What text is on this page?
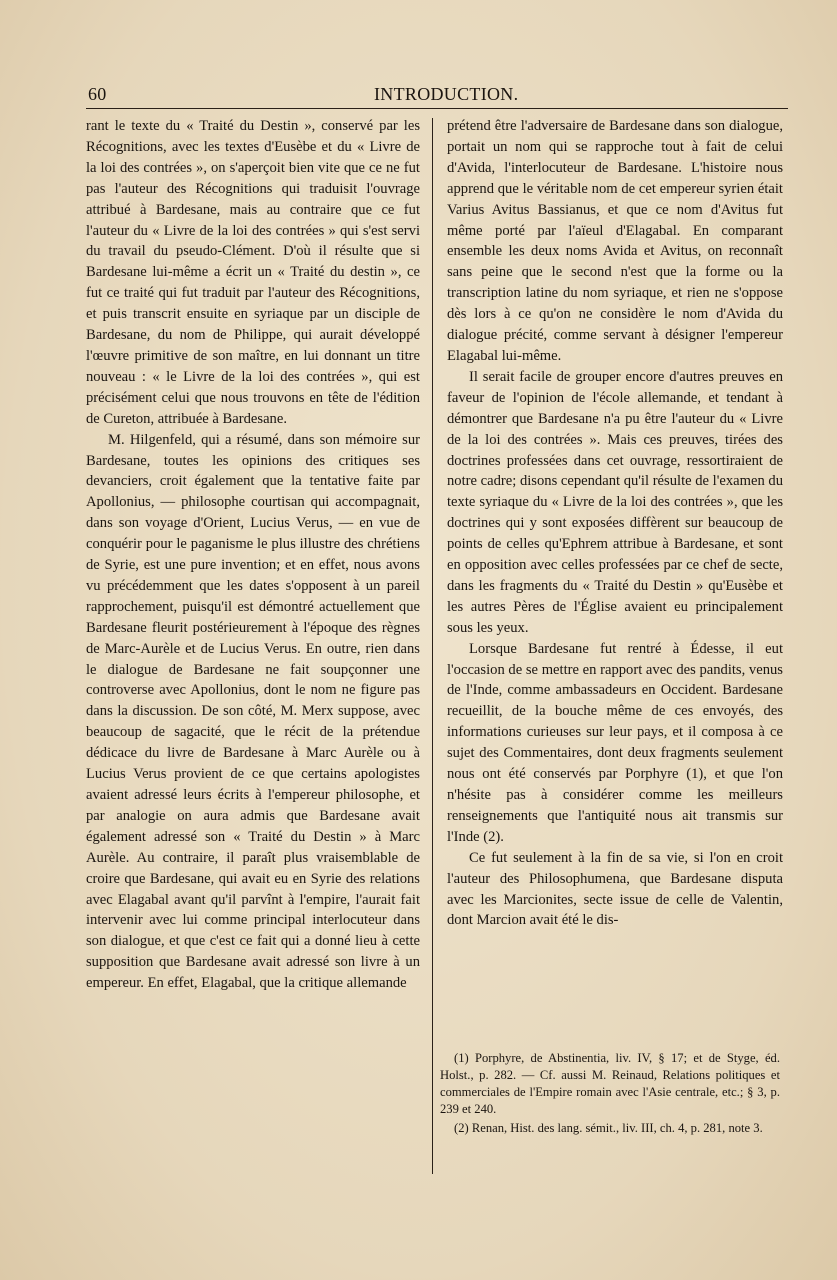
60	INTRODUCTION.

rant le texte du « Traité du Destin », conservé par les Récognitions, avec les textes d'Eusèbe et du « Livre de la loi des contrées », on s'aperçoit bien vite que ce ne fut pas l'auteur des Récognitions qui traduisit l'ouvrage attribué à Bardesane, mais au contraire que ce fut l'auteur du « Livre de la loi des contrées » qui s'est servi du travail du pseudo-Clément. D'où il résulte que si Bardesane lui-même a écrit un « Traité du destin », ce fut ce traité qui fut traduit par l'auteur des Récognitions, et puis transcrit ensuite en syriaque par un disciple de Bardesane, du nom de Philippe, qui aurait développé l'œuvre primitive de son maître, en lui donnant un titre nouveau : « le Livre de la loi des contrées », qui est précisément celui que nous trouvons en tête de l'édition de Cureton, attribuée à Bardesane.

M. Hilgenfeld, qui a résumé, dans son mémoire sur Bardesane, toutes les opinions des critiques ses devanciers, croit également que la tentative faite par Apollonius, — philosophe courtisan qui accompagnait, dans son voyage d'Orient, Lucius Verus, — en vue de conquérir pour le paganisme le plus illustre des chrétiens de Syrie, est une pure invention; et en effet, nous avons vu précédemment que les dates s'opposent à un pareil rapprochement, puisqu'il est démontré actuellement que Bardesane fleurit postérieurement à l'époque des règnes de Marc-Aurèle et de Lucius Verus. En outre, rien dans le dialogue de Bardesane ne fait soupçonner une controverse avec Apollonius, dont le nom ne figure pas dans la discussion. De son côté, M. Merx suppose, avec beaucoup de sagacité, que le récit de la prétendue dédicace du livre de Bardesane à Marc Aurèle ou à Lucius Verus provient de ce que certains apologistes avaient adressé leurs écrits à l'empereur philosophe, et par analogie on aura admis que Bardesane avait également adressé son « Traité du Destin » à Marc Aurèle. Au contraire, il paraît plus vraisemblable de croire que Bardesane, qui avait eu en Syrie des relations avec Elagabal avant qu'il parvînt à l'empire, l'aurait fait intervenir avec lui comme principal interlocuteur dans son dialogue, et que c'est ce fait qui a donné lieu à cette supposition que Bardesane avait adressé son livre à un empereur. En effet, Elagabal, que la critique allemande

prétend être l'adversaire de Bardesane dans son dialogue, portait un nom qui se rapproche tout à fait de celui d'Avida, l'interlocuteur de Bardesane. L'histoire nous apprend que le véritable nom de cet empereur syrien était Varius Avitus Bassianus, et que ce nom d'Avitus fut même porté par l'aïeul d'Elagabal. En comparant ensemble les deux noms Avida et Avitus, on reconnaît sans peine que le second n'est que la forme ou la transcription latine du nom syriaque, et rien ne s'oppose dès lors à ce qu'on ne considère le nom d'Avida du dialogue précité, comme servant à désigner l'empereur Elagabal lui-même.

Il serait facile de grouper encore d'autres preuves en faveur de l'opinion de l'école allemande, et tendant à démontrer que Bardesane n'a pu être l'auteur du « Livre de la loi des contrées ». Mais ces preuves, tirées des doctrines professées dans cet ouvrage, ressortiraient de notre cadre; disons cependant qu'il résulte de l'examen du texte syriaque du « Livre de la loi des contrées », que les doctrines qui y sont exposées diffèrent sur beaucoup de points de celles qu'Ephrem attribue à Bardesane, et sont en opposition avec celles professées par ce chef de secte, dans les fragments du « Traité du Destin » qu'Eusèbe et les autres Pères de l'Église avaient eu principalement sous les yeux.

Lorsque Bardesane fut rentré à Édesse, il eut l'occasion de se mettre en rapport avec des pandits, venus de l'Inde, comme ambassadeurs en Occident. Bardesane recueillit, de la bouche même de ces envoyés, des informations curieuses sur leur pays, et il composa à ce sujet des Commentaires, dont deux fragments seulement nous ont été conservés par Porphyre (1), et que l'on n'hésite pas à considérer comme les meilleurs renseignements que l'antiquité nous ait transmis sur l'Inde (2).

Ce fut seulement à la fin de sa vie, si l'on en croit l'auteur des Philosophumena, que Bardesane disputa avec les Marcionites, secte issue de celle de Valentin, dont Marcion avait été le dis-

(1) Porphyre, de Abstinentia, liv. IV, § 17; et de Styge, éd. Holst., p. 282. — Cf. aussi M. Reinaud, Relations politiques et commerciales de l'Empire romain avec l'Asie centrale, etc.; § 3, p. 239 et 240.

(2) Renan, Hist. des lang. sémit., liv. III, ch. 4, p. 281, note 3.
